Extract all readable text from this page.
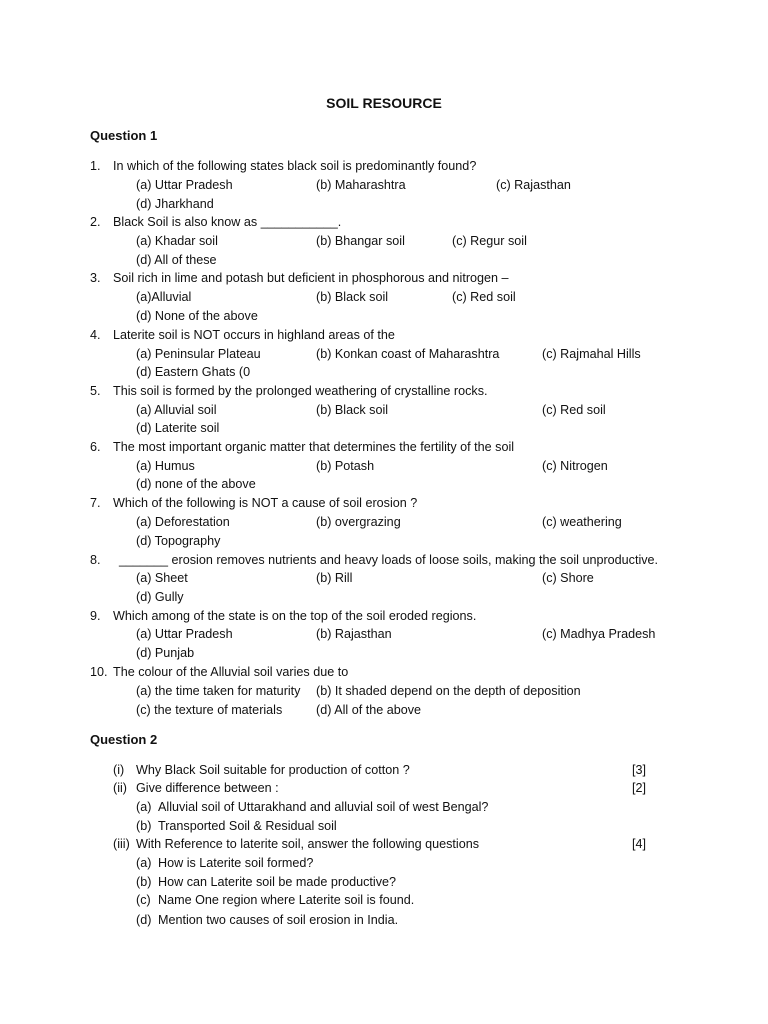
SOIL RESOURCE
Question 1
1. In which of the following states black soil is predominantly found?
(a) Uttar Pradesh	(b) Maharashtra	(c) Rajasthan
(d) Jharkhand
2. Black Soil is also know as ___________.
(a) Khadar soil	(b) Bhangar soil	(c) Regur soil
(d) All of these
3. Soil rich in lime and potash but deficient in phosphorous and nitrogen –
(a)Alluvial	(b) Black soil	(c) Red soil
(d) None of the above
4. Laterite soil is NOT occurs in highland areas of the
(a) Peninsular Plateau	(b) Konkan coast of Maharashtra	(c) Rajmahal Hills
(d) Eastern Ghats (0
5. This soil is formed by the prolonged weathering of crystalline rocks.
(a) Alluvial soil	(b) Black soil	(c) Red soil
(d) Laterite soil
6. The most important organic matter that determines the fertility of the soil
(a) Humus	(b) Potash	(c) Nitrogen
(d) none of the above
7. Which of the following is NOT a cause of soil erosion ?
(a) Deforestation	(b) overgrazing	(c) weathering
(d) Topography
8. _______ erosion removes nutrients and heavy loads of loose soils, making the soil unproductive.
(a) Sheet	(b) Rill	(c) Shore
(d) Gully
9. Which among of the state is on the top of the soil eroded regions.
(a) Uttar Pradesh	(b) Rajasthan	(c) Madhya Pradesh
(d) Punjab
10. The colour of the Alluvial soil varies due to
(a) the time taken for maturity (b) It shaded depend on the depth of deposition
(c) the texture of materials	(d) All of the above
Question 2
(i) Why Black Soil suitable for production of cotton ?	[3]
(ii) Give difference between :	[2]
(a) Alluvial soil of Uttarakhand and alluvial soil of west Bengal?
(b) Transported Soil & Residual soil
(iii) With Reference to laterite soil, answer the following questions	[4]
(a) How is Laterite soil formed?
(b) How can Laterite soil be made productive?
(c) Name One region where Laterite soil is found.
(d) Mention two causes of soil erosion in India.
